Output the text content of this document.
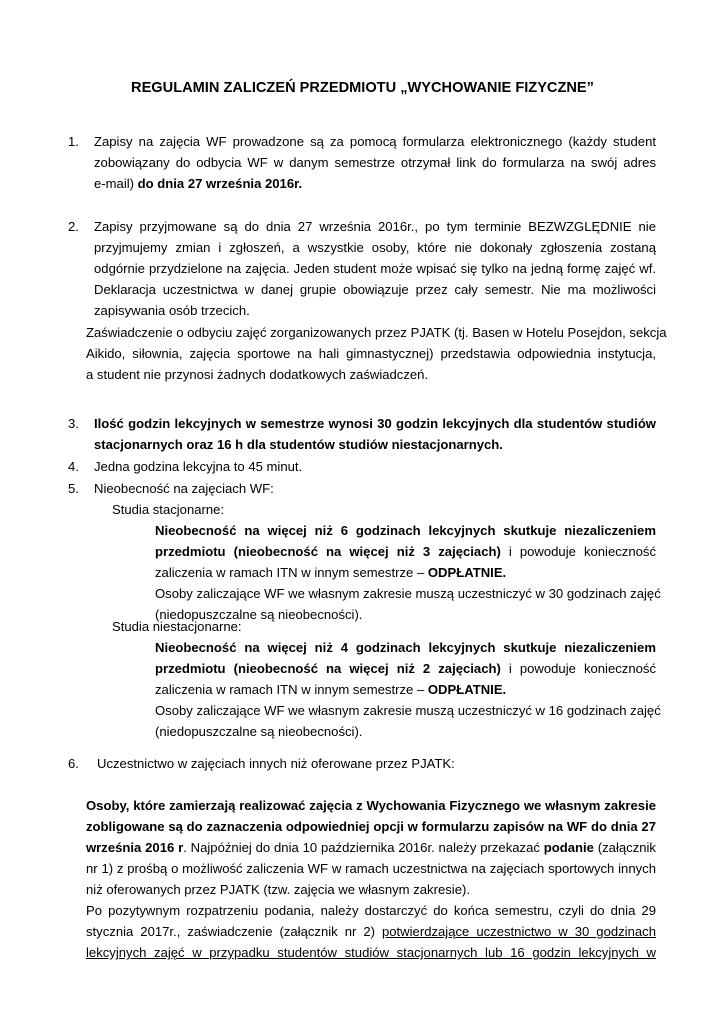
REGULAMIN ZALICZEŃ PRZEDMIOTU „WYCHOWANIE FIZYCZNE”
1. Zapisy na zajęcia WF prowadzone są za pomocą formularza elektronicznego (każdy student
zobowiązany do odbycia WF w danym semestrze otrzymał link do formularza na swój adres
e-mail) do dnia 27 września 2016r.
2. Zapisy przyjmowane są do dnia 27 września 2016r., po tym terminie BEZWZGLĘDNIE nie
przyjmujemy zmian i zgłoszeń, a wszystkie osoby, które nie dokonały zgłoszenia zostaną
odgórnie przydzielone na zajęcia. Jeden student może wpisać się tylko na jedną formę zajęć wf.
Deklaracja uczestnictwa w danej grupie obowiązuje przez cały semestr. Nie ma możliwości
zapisywania osób trzecich.
Zaświadczenie o odbyciu zajęć zorganizowanych przez PJATK (tj. Basen w Hotelu Posejdon, sekcja
Aikido, siłownia, zajęcia sportowe na hali gimnastycznej) przedstawia odpowiednia instytucja,
a student nie przynosi żadnych dodatkowych zaświadczeń.
3. Ilość godzin lekcyjnych w semestrze wynosi 30 godzin lekcyjnych dla studentów studiów
stacjonarnych oraz 16 h dla studentów studiów niestacjonarnych.
4. Jedna godzina lekcyjna to 45 minut.
5. Nieobecność na zajęciach WF:
Studia stacjonarne:
Nieobecność na więcej niż 6 godzinach lekcyjnych skutkuje niezaliczeniem
przedmiotu (nieobecność na więcej niż 3 zajęciach) i powoduje konieczność
zaliczenia w ramach ITN w innym semestrze – ODPŁATNIE.
Osoby zaliczające WF we własnym zakresie muszą uczestniczyć w 30 godzinach zajęć
(niedopuszczalne są nieobecności).
Studia niestacjonarne:
Nieobecność na więcej niż 4 godzinach lekcyjnych skutkuje niezaliczeniem
przedmiotu (nieobecność na więcej niż 2 zajęciach) i powoduje konieczność
zaliczenia w ramach ITN w innym semestrze – ODPŁATNIE.
Osoby zaliczające WF we własnym zakresie muszą uczestniczyć w 16 godzinach zajęć
(niedopuszczalne są nieobecności).
6. Uczestnictwo w zajęciach innych niż oferowane przez PJATK:
Osoby, które zamierzają realizować zajęcia z Wychowania Fizycznego we własnym zakresie
zobligowane są do zaznaczenia odpowiedniej opcji w formularzu zapisów na WF do dnia 27
września 2016 r. Najpóźniej do dnia 10 października 2016r. należy przekazać podanie (załącznik
nr 1) z prośbą o możliwość zaliczenia WF w ramach uczestnictwa na zajęciach sportowych innych
niż oferowanych przez PJATK (tzw. zajęcia we własnym zakresie).
Po pozytywnym rozpatrzeniu podania, należy dostarczyć do końca semestru, czyli do dnia 29
stycznia 2017r., zaświadczenie (załącznik nr 2) potwierdzające uczestnictwo w 30 godzinach
lekcyjnych zajęć w przypadku studentów studiów stacjonarnych lub 16 godzin lekcyjnych w
